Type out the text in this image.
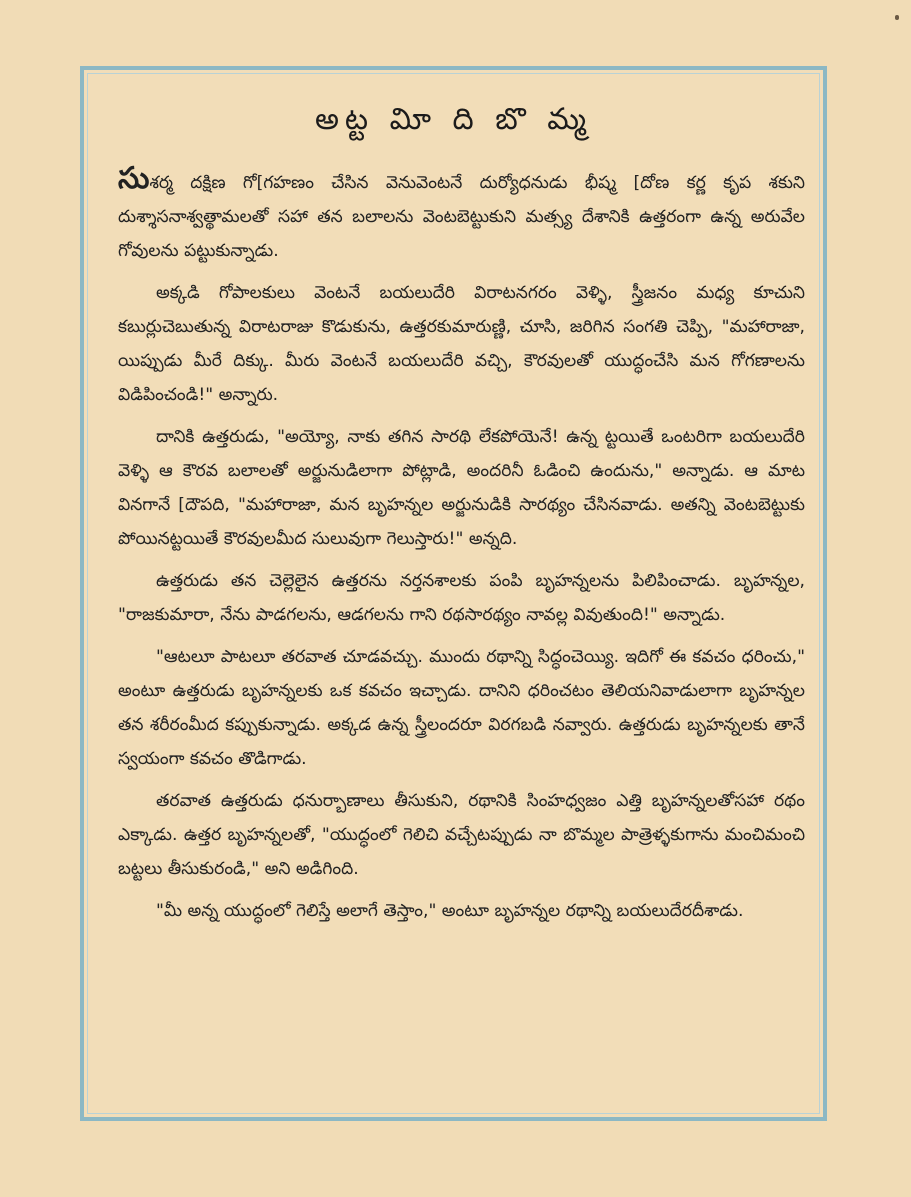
అట్ట విూ ది బొ మ్మ

సుశర్మ దక్షిణ గో[గహణం చేసిన వెనువెంటనే దుర్యోధనుడు భీష్మ [దోణ కర్ణ కృప శకుని దుశ్శాసనాశ్వత్థామలతో సహా తన బలాలను వెంటబెట్టుకుని మత్స్య దేశానికి ఉత్తరంగా ఉన్న అరువేల గోవులను పట్టుకున్నాడు.

అక్కడి గోపాలకులు వెంటనే బయలుదేరి విరాటనగరం వెళ్ళి, స్త్రీజనం మధ్య కూచుని కబుర్లుచెబుతున్న విరాటరాజు కొడుకును, ఉత్తరకుమారుణ్ణి, చూసి, జరిగిన సంగతి చెప్పి, "మహారాజా, యిప్పుడు మీరే దిక్కు. మీరు వెంటనే బయలుదేరి వచ్చి, కౌరవులతో యుద్ధంచేసి మన గోగణాలను విడిపించండి!" అన్నారు.

దానికి ఉత్తరుడు, "అయ్యో, నాకు తగిన సారథి లేకపోయెనే! ఉన్న ట్టయితే ఒంటరిగా బయలుదేరి వెళ్ళి ఆ కౌరవ బలాలతో అర్జునుడిలాగా పోట్లాడి, అందరినీ ఓడించి ఉందును," అన్నాడు. ఆ మాట వినగానే [దౌపది, "మహారాజా, మన బృహన్నల అర్జునుడికి సారథ్యం చేసినవాడు. అతన్ని వెంటబెట్టుకు పోయినట్టయితే కౌరవులమీద సులువుగా గెలుస్తారు!" అన్నది.

ఉత్తరుడు తన చెల్లెలైన ఉత్తరను నర్తనశాలకు పంపి బృహన్నలను పిలిపించాడు. బృహన్నల, "రాజకుమారా, నేను పాడగలను, ఆడగలను గాని రథసారథ్యం నావల్ల వివుతుంది!" అన్నాడు.

"ఆటలూ పాటలూ తరవాత చూడవచ్చు. ముందు రథాన్ని సిద్ధంచెయ్యి. ఇదిగో ఈ కవచం ధరించు," అంటూ ఉత్తరుడు బృహన్నలకు ఒక కవచం ఇచ్చాడు. దానిని ధరించటం తెలియనివాడులాగా బృహన్నల తన శరీరంమీద కప్పుకున్నాడు. అక్కడ ఉన్న స్త్రీలందరూ విరగబడి నవ్వారు. ఉత్తరుడు బృహన్నలకు తానే స్వయంగా కవచం తొడిగాడు.

తరవాత ఉత్తరుడు ధనుర్బాణాలు తీసుకుని, రథానికి సింహధ్వజం ఎత్తి బృహన్నలతోసహా రథం ఎక్కాడు. ఉత్తర బృహన్నలతో, "యుద్ధంలో గెలిచి వచ్చేటప్పుడు నా బొమ్మల పాత్రెళ్ళకుగాను మంచిమంచి బట్టలు తీసుకురండి," అని అడిగింది.

"మీ అన్న యుద్ధంలో గెలిస్తే అలాగే తెస్తాం," అంటూ బృహన్నల రథాన్ని బయలుదేరదీశాడు.
